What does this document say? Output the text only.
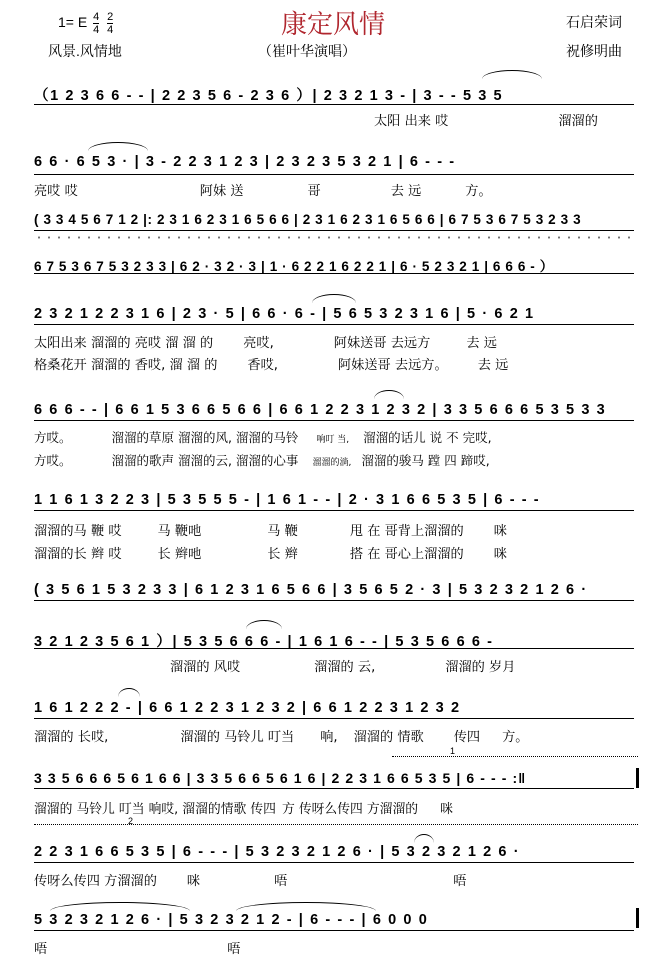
1= E $\frac{4}{4}$
$\frac{2}{4}$	康定风情	石启荣词
风景.风情地	（崔叶华演唱）	祝修明曲
（1 2 3 6 6 - - | 2 2 3 5 6 - 2 3 6 ）| 2 3 2 1 3 - | 3 - - 5 3 5
太阳 出来 哎	溜溜的
6 6 · 6 5 3 · | 3 - 2 2 3 1 2 3 | 2 3 2 3 5 3 2 1 | 6 - - -
亮哎 哎	阿妹 送	哥	去 远	方。
( 3 3 4 5 6 7 1 2 |: 2 3 1 6 2 3 1 6 5 6 6 | 2 3 1 6 2 3 1 6 5 6 6 | 6 7 5 3 6 7 5 3 2 3 3
6 7 5 3 6 7 5 3 2 3 3 | 6 2 · 3 2 · 3 | 1 · 6 2 2 1 6 2 2 1 | 6 · 5 2 3 2 1 | 6 6 6 - ）
2 3 2 1 2 2 3 1 6 | 2 3 · 5 | 6 6 · 6 - | 5 6 5 3 2 3 1 6 | 5 · 6 2 1
太阳出来 溜溜的 亮哎 溜 溜 的 亮哎,	阿妹送哥 去远方	去 远
格桑花开 溜溜的 香哎, 溜 溜 的 香哎,	阿妹送哥 去远方。 去 远
6 6 6 - - | 6 6 1 5 3 6 6 5 6 6 | 6 6 1 2 2 3 1 2 3 2 | 3 3 5 6 6 6 5 3 5 3 3
方哎。	溜溜的草原 溜溜的风, 溜溜的马铃 响叮 当, 溜溜的话儿 说 不 完哎,
方哎。	溜溜的歌声 溜溜的云, 溜溜的心事 溜溜的淌, 溜溜的骏马 蹚 四 蹄哎,
1 1 6 1 3 2 2 3 | 5 3 5 5 5 - | 1 6 1 - - | 2 · 3 1 6 6 5 3 5 | 6 - - -
溜溜的马 鞭 哎	马 鞭吔	马 鞭	甩 在 哥背上溜溜的 咪
溜溜的长 辫 哎	长 辫吔	长 辫	搭 在 哥心上溜溜的 咪
( 3 5 6 1 5 3 2 3 3 | 6 1 2 3 1 6 5 6 6 | 3 5 6 5 2 · 3 | 5 3 2 3 2 1 2 6 ·
3 2 1 2 3 5 6 1 ）| 5 3 5 6 6 6 - | 1 6 1 6 - - | 5 3 5 6 6 6 -
溜溜的 风哎	溜溜的 云,	溜溜的 岁月
1 6 1 2 2 2 - | 6 6 1 2 2 3 1 2 3 2 | 6 6 1 2 2 3 1 2 3 2
溜溜的 长哎,	溜溜的 马铃儿 叮当 响, 溜溜的 情歌 传四 方。
1
3 3 5 6 6 6 5 6 1 6 6 | 3 3 5 6 6 5 6 1 6 | 2 2 3 1 6 6 5 3 5 | 6 - - - :‖
溜溜的 马铃儿 叮当 响哎, 溜溜的情歌 传四 方 传呀么传四 方溜溜的 咪
2
2 2 3 1 6 6 5 3 5 | 6 - - - | 5 3 2 3 2 1 2 6 · | 5 3 2 3 2 1 2 6 ·
传呀么传四 方溜溜的 咪	唔	唔
5 3 2 3 2 1 2 6 · | 5 3 2 3 2 1 2 - | 6 - - - | 6 0 0 0
唔	唔
